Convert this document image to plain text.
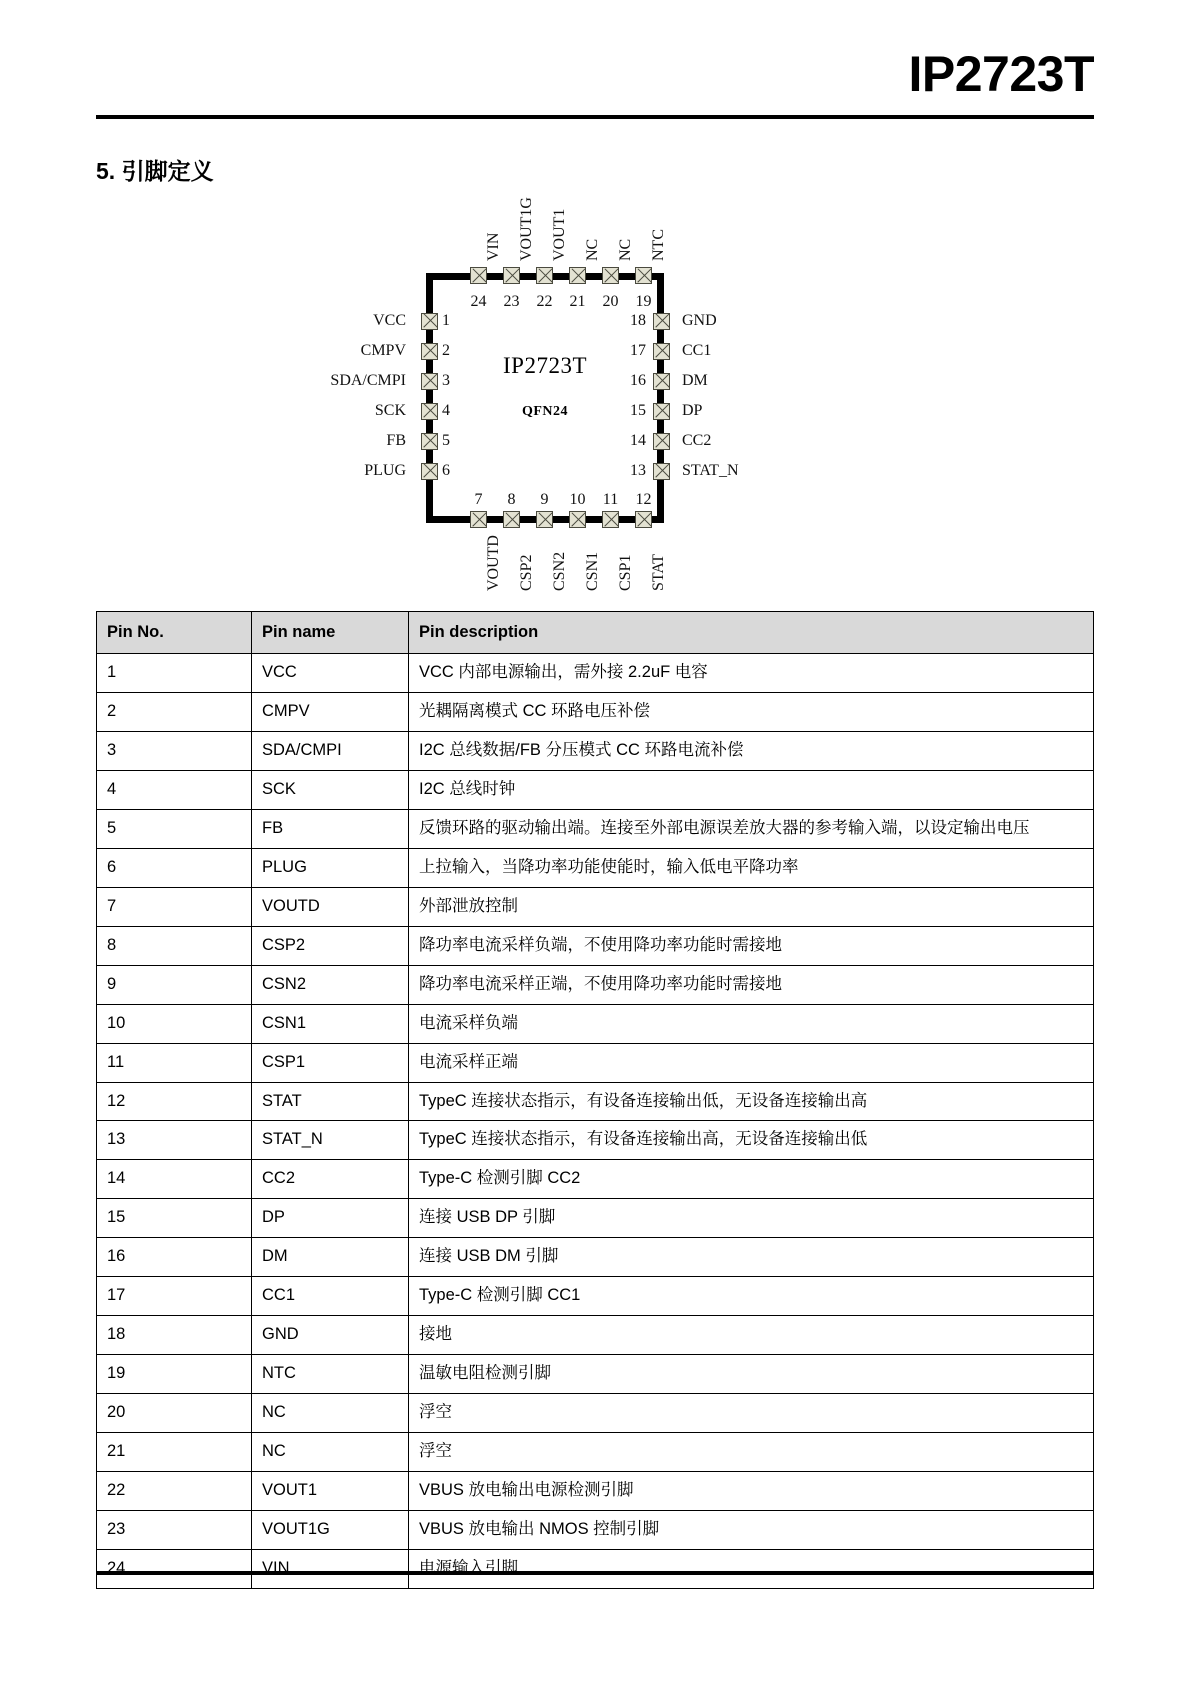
IP2723T
5. 引脚定义
IP2723T
QFN24
24
VIN
23
VOUT1G
22
VOUT1
21
NC
20
NC
19
NTC
1
VCC
2
CMPV
3
SDA/CMPI
4
SCK
5
FB
6
PLUG
18 GND
17 CC1
16 DM
15 DP
14 CC2
13 STAT_N
7
VOUTD
8
CSP2
9
CSN2
10
CSN1
11
CSP1
12
STAT
Pin No.	Pin name	Pin description
1	VCC	VCC 内部电源输出，需外接 2.2uF 电容
2	CMPV	光耦隔离模式 CC 环路电压补偿
3	SDA/CMPI	I2C 总线数据/FB 分压模式 CC 环路电流补偿
4	SCK	I2C 总线时钟
5	FB	反馈环路的驱动输出端。连接至外部电源误差放大器的参考输入端，以设定输出电压
6	PLUG	上拉输入，当降功率功能使能时，输入低电平降功率
7	VOUTD	外部泄放控制
8	CSP2	降功率电流采样负端，不使用降功率功能时需接地
9	CSN2	降功率电流采样正端，不使用降功率功能时需接地
10	CSN1	电流采样负端
11	CSP1	电流采样正端
12	STAT	TypeC 连接状态指示，有设备连接输出低，无设备连接输出高
13	STAT_N	TypeC 连接状态指示，有设备连接输出高，无设备连接输出低
14	CC2	Type-C 检测引脚 CC2
15	DP	连接 USB DP 引脚
16	DM	连接 USB DM 引脚
17	CC1	Type-C 检测引脚 CC1
18	GND	接地
19	NTC	温敏电阻检测引脚
20	NC	浮空
21	NC	浮空
22	VOUT1	VBUS 放电输出电源检测引脚
23	VOUT1G	VBUS 放电输出 NMOS 控制引脚
24	VIN	电源输入引脚
